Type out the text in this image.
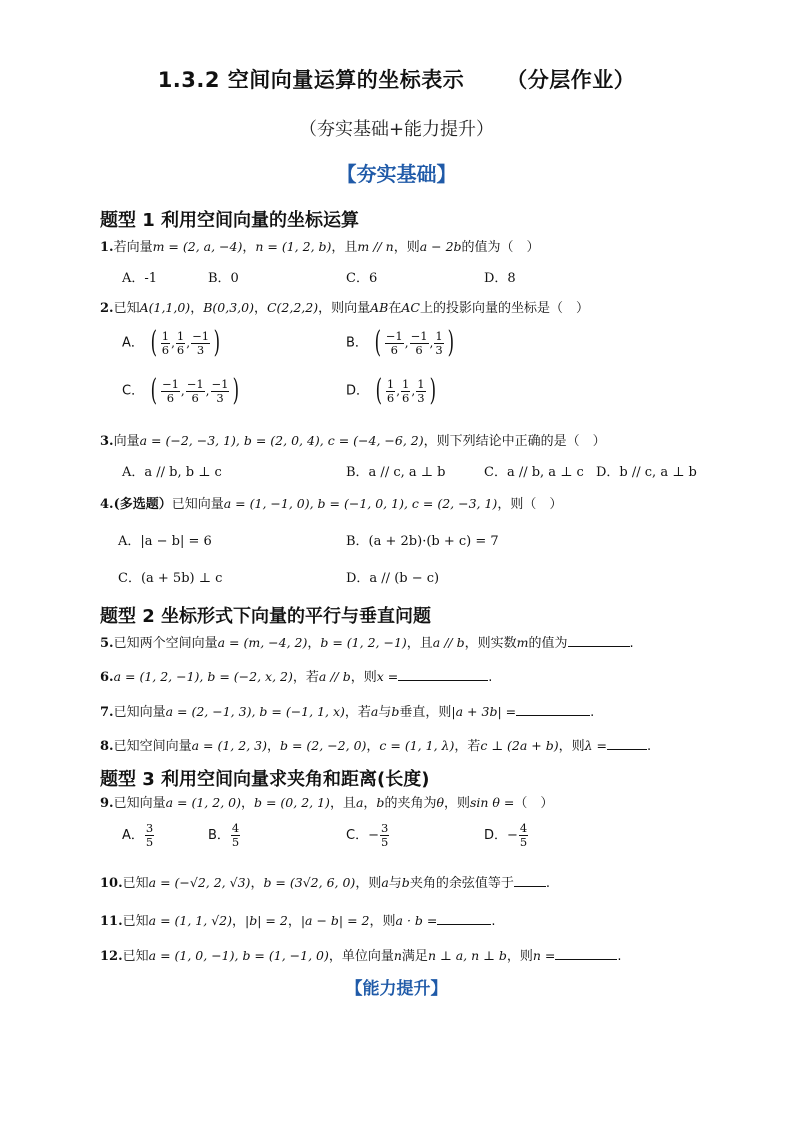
1.3.2 空间向量运算的坐标表示 （分层作业）
（夯实基础+能力提升）
【夯实基础】
题型 1 利用空间向量的坐标运算
1.若向量m = (2, a, −4)，n = (1, 2, b)，且m // n，则a − 2b的值为（　）
A．-1	B．0	C．6	D．8
2.已知A(1,1,0)，B(0,3,0)，C(2,2,2)，则向量AB在AC上的投影向量的坐标是（　）
A． ( $\frac{1}{6}$ , $\frac{1}{6}$ , $\frac{-1}{3}$ )	B． ( $\frac{-1}{6}$ , $\frac{-1}{6}$ , $\frac{1}{3}$ )
C． ( $\frac{-1}{6}$ , $\frac{-1}{6}$ , $\frac{-1}{3}$ )	D． ( $\frac{1}{6}$ , $\frac{1}{6}$ , $\frac{1}{3}$ )
3.向量a = (−2, −3, 1), b = (2, 0, 4), c = (−4, −6, 2)，则下列结论中正确的是（　）
A．a // b, b ⊥ c	B．a // c, a ⊥ b	C．a // b, a ⊥ c D．b // c, a ⊥ b
4.(多选题）已知向量a = (1, −1, 0), b = (−1, 0, 1), c = (2, −3, 1)，则（　）
A．|a − b| = 6	B．(a + 2b)·(b + c) = 7
C．(a + 5b) ⊥ c	D．a // (b − c)
题型 2 坐标形式下向量的平行与垂直问题
5.已知两个空间向量a = (m, −4, 2)，b = (1, 2, −1)，且a // b，则实数m的值为	.
6.a = (1, 2, −1), b = (−2, x, 2)，若a // b，则x =	.
7.已知向量a = (2, −1, 3), b = (−1, 1, x)，若a与b垂直，则|a + 3b| =	.
8.已知空间向量a = (1, 2, 3)，b = (2, −2, 0)，c = (1, 1, λ)，若c ⊥ (2a + b)，则λ =	.
题型 3 利用空间向量求夹角和距离(长度)
9.已知向量a = (1, 2, 0)，b = (0, 2, 1)，且a，b的夹角为θ，则sin θ =（　）
A． $\frac{3}{5}$	B． $\frac{4}{5}$	C．− $\frac{3}{5}$	D．− $\frac{4}{5}$
10.已知a = (−√2, 2, √3)，b = (3√2, 6, 0)，则a与b夹角的余弦值等于 .
11.已知a = (1, 1, √2)，|b| = 2，|a − b| = 2，则a · b =	.
12.已知a = (1, 0, −1), b = (1, −1, 0)，单位向量n满足n ⊥ a, n ⊥ b，则n =	.
【能力提升】
